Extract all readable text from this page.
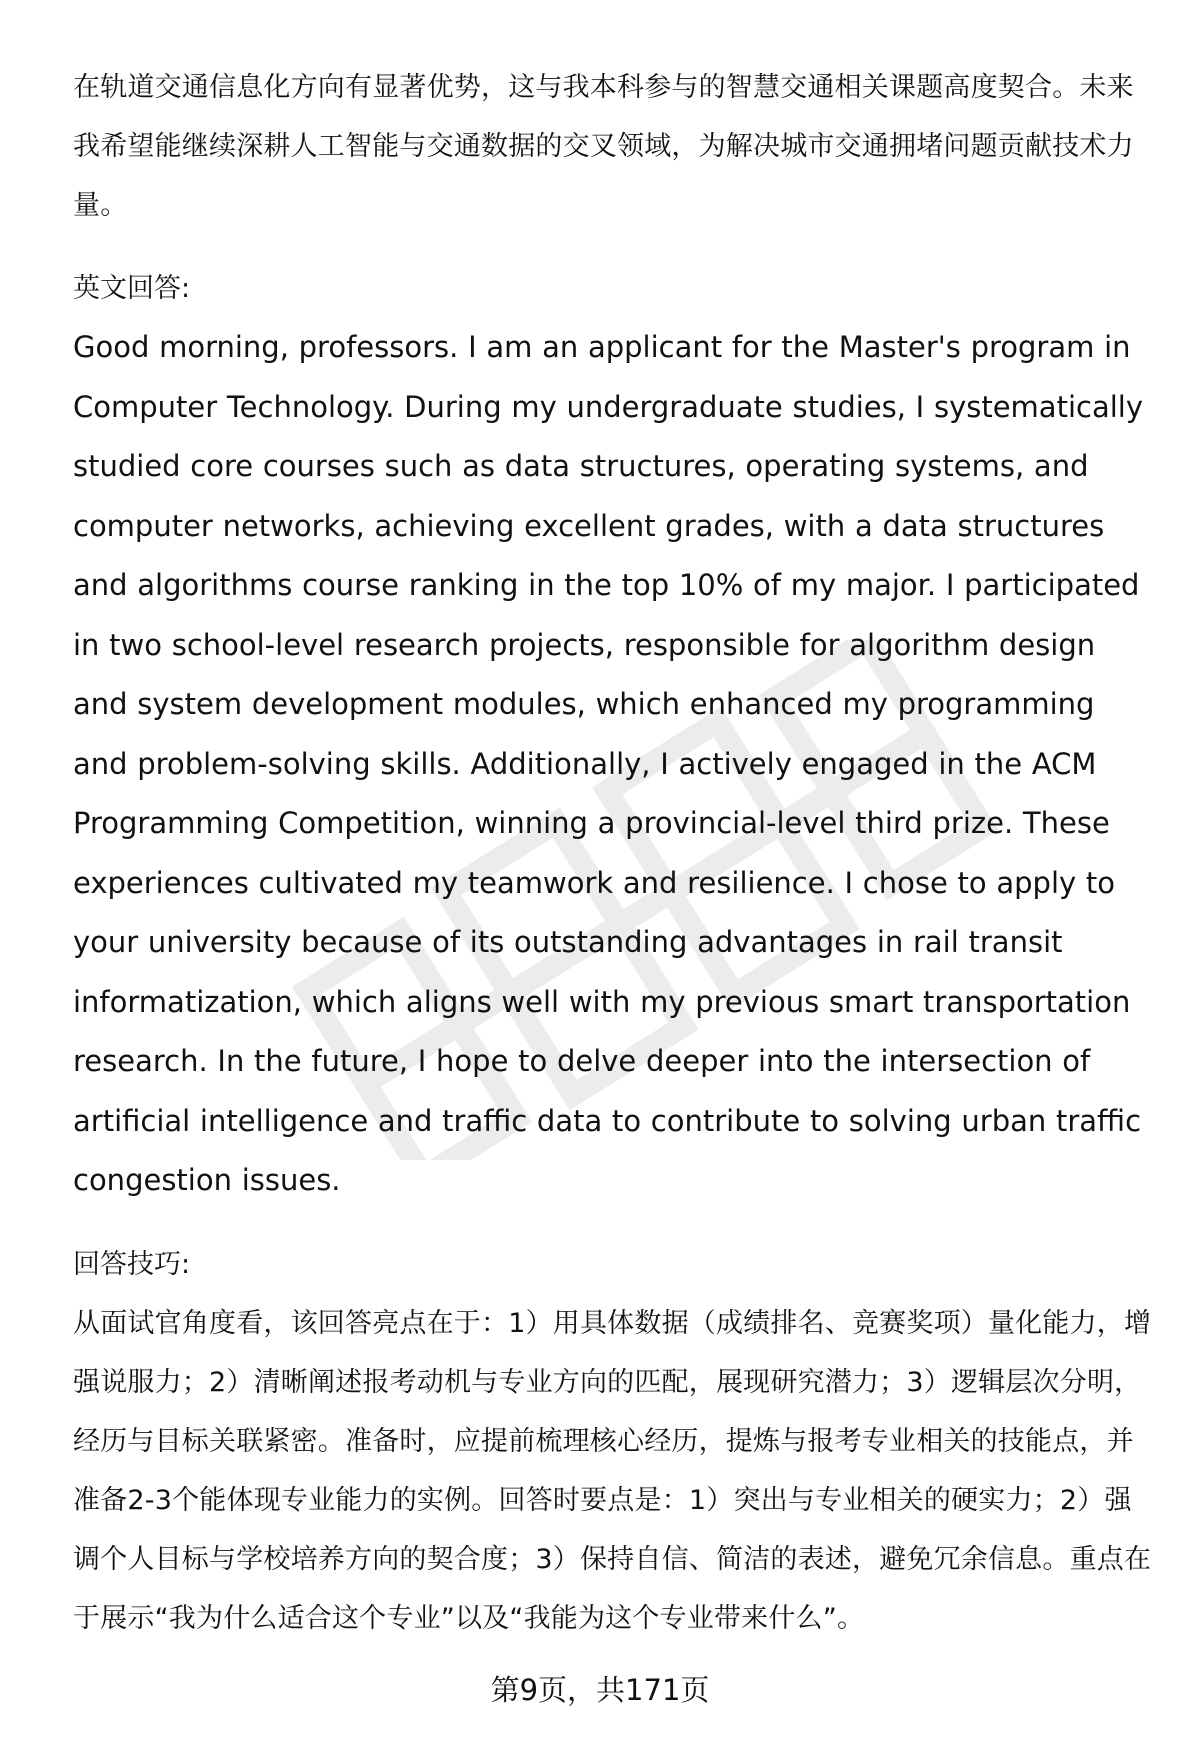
在轨道交通信息化方向有显著优势，这与我本科参与的智慧交通相关课题高度契合。未来我希望能继续深耕人工智能与交通数据的交叉领域，为解决城市交通拥堵问题贡献技术力量。

英文回答:

Good morning, professors. I am an applicant for the Master's program in Computer Technology. During my undergraduate studies, I systematically studied core courses such as data structures, operating systems, and computer networks, achieving excellent grades, with a data structures and algorithms course ranking in the top 10% of my major. I participated in two school-level research projects, responsible for algorithm design and system development modules, which enhanced my programming and problem-solving skills. Additionally, I actively engaged in the ACM Programming Competition, winning a provincial-level third prize. These experiences cultivated my teamwork and resilience. I chose to apply to your university because of its outstanding advantages in rail transit informatization, which aligns well with my previous smart transportation research. In the future, I hope to delve deeper into the intersection of artificial intelligence and traffic data to contribute to solving urban traffic congestion issues.

回答技巧:

从面试官角度看，该回答亮点在于：1）用具体数据（成绩排名、竞赛奖项）量化能力，增强说服力；2）清晰阐述报考动机与专业方向的匹配，展现研究潜力；3）逻辑层次分明，经历与目标关联紧密。准备时，应提前梳理核心经历，提炼与报考专业相关的技能点，并准备2-3个能体现专业能力的实例。回答时要点是：1）突出与专业相关的硬实力；2）强调个人目标与学校培养方向的契合度；3）保持自信、简洁的表述，避免冗余信息。重点在于展示“我为什么适合这个专业”以及“我能为这个专业带来什么”。

第9页，共171页
